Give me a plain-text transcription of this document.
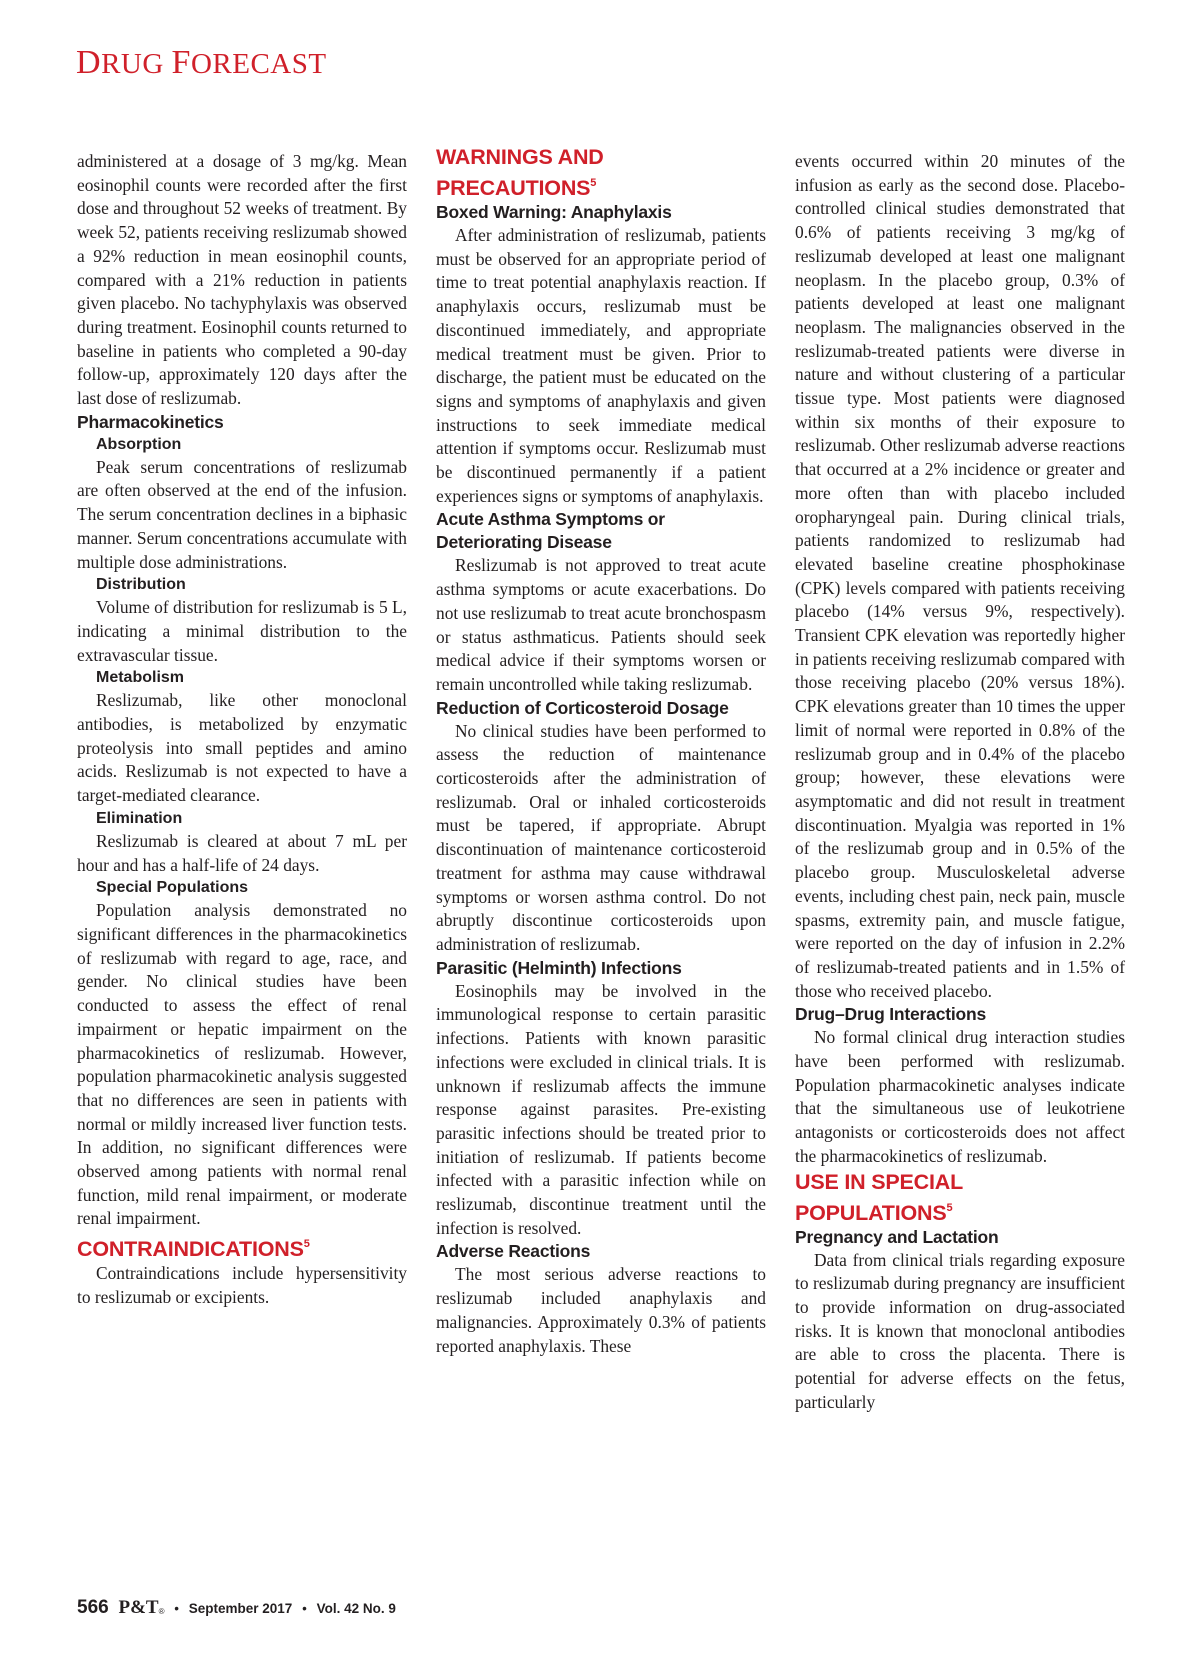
DRUG FORECAST

administered at a dosage of 3 mg/kg. Mean eosinophil counts were recorded after the first dose and throughout 52 weeks of treatment. By week 52, patients receiving reslizumab showed a 92% reduction in mean eosinophil counts, compared with a 21% reduction in patients given placebo. No tachyphylaxis was observed during treatment. Eosinophil counts returned to baseline in patients who completed a 90-day follow-up, approximately 120 days after the last dose of reslizumab.

Pharmacokinetics
Absorption

Peak serum concentrations of reslizumab are often observed at the end of the infusion. The serum concentration declines in a biphasic manner. Serum concentrations accumulate with multiple dose administrations.

Distribution

Volume of distribution for reslizumab is 5 L, indicating a minimal distribution to the extravascular tissue.

Metabolism

Reslizumab, like other monoclonal antibodies, is metabolized by enzymatic proteolysis into small peptides and amino acids. Reslizumab is not expected to have a target-mediated clearance.

Elimination

Reslizumab is cleared at about 7 mL per hour and has a half-life of 24 days.

Special Populations

Population analysis demonstrated no significant differences in the pharmacokinetics of reslizumab with regard to age, race, and gender. No clinical studies have been conducted to assess the effect of renal impairment or hepatic impairment on the pharmacokinetics of reslizumab. However, population pharmacokinetic analysis suggested that no differences are seen in patients with normal or mildly increased liver function tests. In addition, no significant differences were observed among patients with normal renal function, mild renal impairment, or moderate renal impairment.

CONTRAINDICATIONS$^5$

Contraindications include hypersensitivity to reslizumab or excipients.

WARNINGS AND PRECAUTIONS$^5$
Boxed Warning: Anaphylaxis

After administration of reslizumab, patients must be observed for an appropriate period of time to treat potential anaphylaxis reaction. If anaphylaxis occurs, reslizumab must be discontinued immediately, and appropriate medical treatment must be given. Prior to discharge, the patient must be educated on the signs and symptoms of anaphylaxis and given instructions to seek immediate medical attention if symptoms occur. Reslizumab must be discontinued permanently if a patient experiences signs or symptoms of anaphylaxis.

Acute Asthma Symptoms or Deteriorating Disease

Reslizumab is not approved to treat acute asthma symptoms or acute exacerbations. Do not use reslizumab to treat acute bronchospasm or status asthmaticus. Patients should seek medical advice if their symptoms worsen or remain uncontrolled while taking reslizumab.

Reduction of Corticosteroid Dosage

No clinical studies have been performed to assess the reduction of maintenance corticosteroids after the administration of reslizumab. Oral or inhaled corticosteroids must be tapered, if appropriate. Abrupt discontinuation of maintenance corticosteroid treatment for asthma may cause withdrawal symptoms or worsen asthma control. Do not abruptly discontinue corticosteroids upon administration of reslizumab.

Parasitic (Helminth) Infections

Eosinophils may be involved in the immunological response to certain parasitic infections. Patients with known parasitic infections were excluded in clinical trials. It is unknown if reslizumab affects the immune response against parasites. Pre-existing parasitic infections should be treated prior to initiation of reslizumab. If patients become infected with a parasitic infection while on reslizumab, discontinue treatment until the infection is resolved.

Adverse Reactions

The most serious adverse reactions to reslizumab included anaphylaxis and malignancies. Approximately 0.3% of patients reported anaphylaxis. These

events occurred within 20 minutes of the infusion as early as the second dose. Placebo-controlled clinical studies demonstrated that 0.6% of patients receiving 3 mg/kg of reslizumab developed at least one malignant neoplasm. In the placebo group, 0.3% of patients developed at least one malignant neoplasm. The malignancies observed in the reslizumab-treated patients were diverse in nature and without clustering of a particular tissue type. Most patients were diagnosed within six months of their exposure to reslizumab. Other reslizumab adverse reactions that occurred at a 2% incidence or greater and more often than with placebo included oropharyngeal pain. During clinical trials, patients randomized to reslizumab had elevated baseline creatine phosphokinase (CPK) levels compared with patients receiving placebo (14% versus 9%, respectively). Transient CPK elevation was reportedly higher in patients receiving reslizumab compared with those receiving placebo (20% versus 18%). CPK elevations greater than 10 times the upper limit of normal were reported in 0.8% of the reslizumab group and in 0.4% of the placebo group; however, these elevations were asymptomatic and did not result in treatment discontinuation. Myalgia was reported in 1% of the reslizumab group and in 0.5% of the placebo group. Musculoskeletal adverse events, including chest pain, neck pain, muscle spasms, extremity pain, and muscle fatigue, were reported on the day of infusion in 2.2% of reslizumab-treated patients and in 1.5% of those who received placebo.

Drug–Drug Interactions

No formal clinical drug interaction studies have been performed with reslizumab. Population pharmacokinetic analyses indicate that the simultaneous use of leukotriene antagonists or corticosteroids does not affect the pharmacokinetics of reslizumab.

USE IN SPECIAL POPULATIONS$^5$
Pregnancy and Lactation

Data from clinical trials regarding exposure to reslizumab during pregnancy are insufficient to provide information on drug-associated risks. It is known that monoclonal antibodies are able to cross the placenta. There is potential for adverse effects on the fetus, particularly

566 P&T® • September 2017 • Vol. 42 No. 9
